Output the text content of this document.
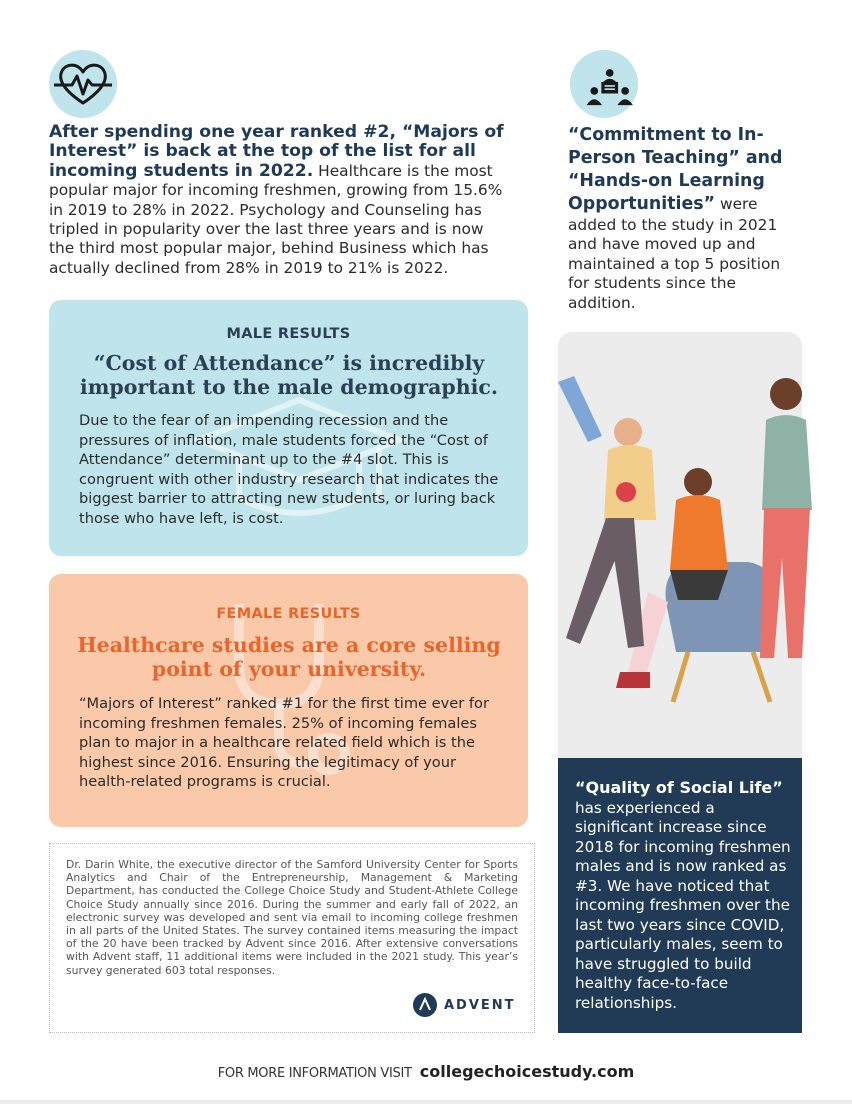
After spending one year ranked #2, “Majors of Interest” is back at the top of the list for all incoming students in 2022. Healthcare is the most popular major for incoming freshmen, growing from 15.6% in 2019 to 28% in 2022. Psychology and Counseling has tripled in popularity over the last three years and is now the third most popular major, behind Business which has actually declined from 28% in 2019 to 21% is 2022.
“Commitment to In-Person Teaching” and “Hands-on Learning Opportunities” were added to the study in 2021 and have moved up and maintained a top 5 position for students since the addition.
MALE RESULTS
“Cost of Attendance” is incredibly important to the male demographic.
Due to the fear of an impending recession and the pressures of inflation, male students forced the “Cost of Attendance” determinant up to the #4 slot. This is congruent with other industry research that indicates the biggest barrier to attracting new students, or luring back those who have left, is cost.
FEMALE RESULTS
Healthcare studies are a core selling point of your university.
“Majors of Interest” ranked #1 for the first time ever for incoming freshmen females. 25% of incoming females plan to major in a healthcare related field which is the highest since 2016. Ensuring the legitimacy of your health-related programs is crucial.
Dr. Darin White, the executive director of the Samford University Center for Sports Analytics and Chair of the Entrepreneurship, Management & Marketing Department, has conducted the College Choice Study and Student-Athlete College Choice Study annually since 2016. During the summer and early fall of 2022, an electronic survey was developed and sent via email to incoming college freshmen in all parts of the United States. The survey contained items measuring the impact of the 20 have been tracked by Advent since 2016. After extensive conversations with Advent staff, 11 additional items were included in the 2021 study. This year’s survey generated 603 total responses.
ADVENT
“Quality of Social Life”
has experienced a significant increase since 2018 for incoming freshmen males and is now ranked as #3. We have noticed that incoming freshmen over the last two years since COVID, particularly males, seem to have struggled to build healthy face-to-face relationships.
FOR MORE INFORMATION VISIT collegechoicestudy.com
